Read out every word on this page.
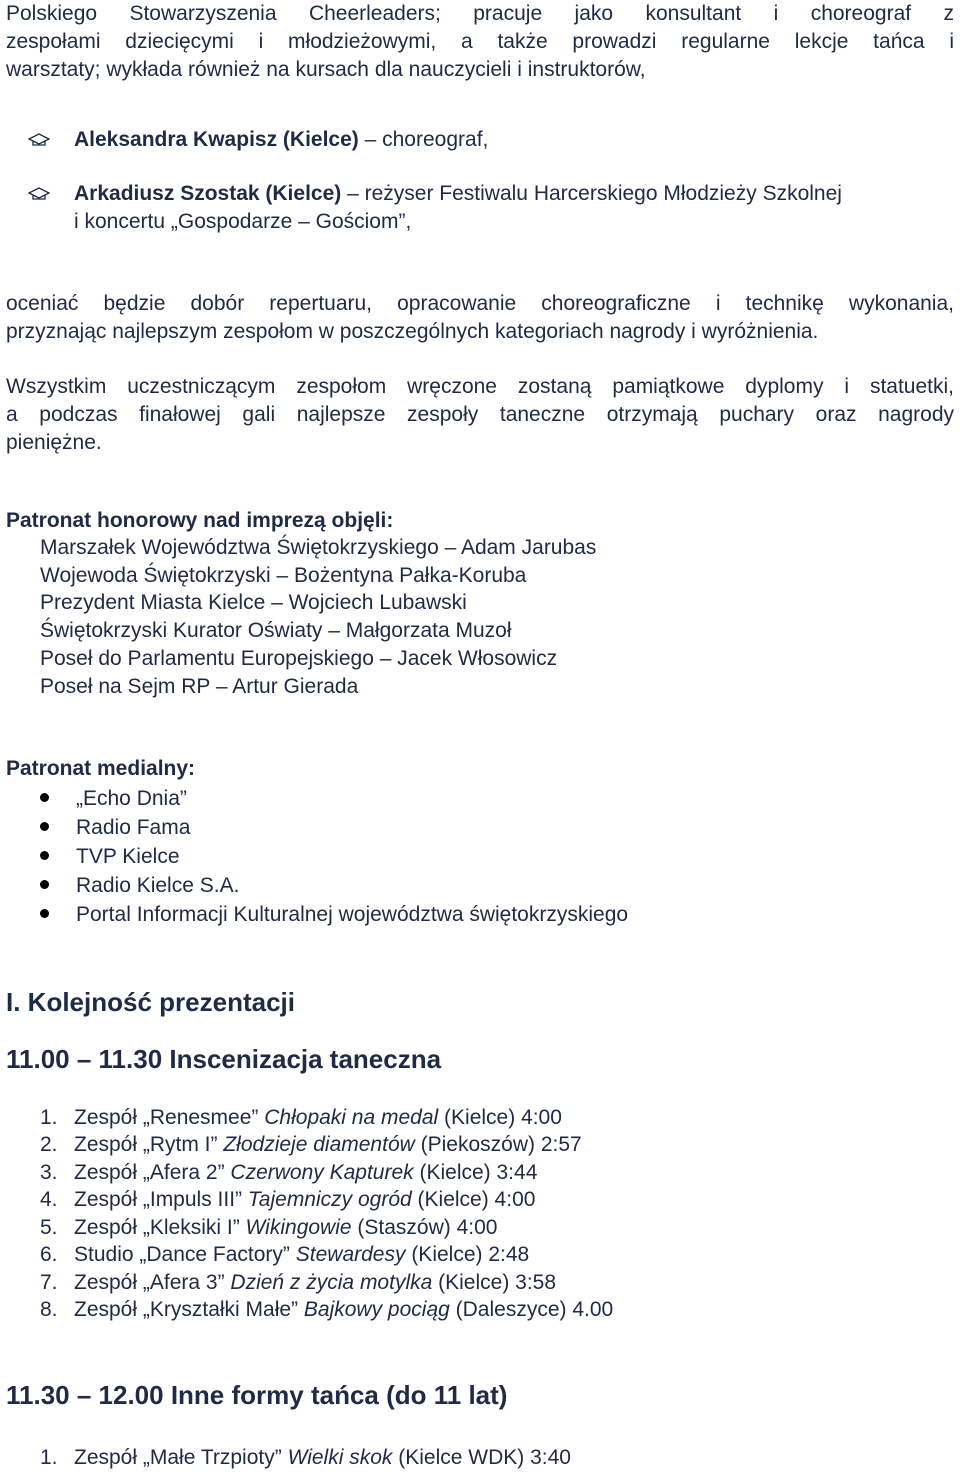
Polskiego Stowarzyszenia Cheerleaders; pracuje jako konsultant i choreograf z
zespołami dziecięcymi i młodzieżowymi, a także prowadzi regularne lekcje tańca i
warsztaty; wykłada również na kursach dla nauczycieli i instruktorów,
Aleksandra Kwapisz (Kielce) – choreograf,
Arkadiusz Szostak (Kielce) – reżyser Festiwalu Harcerskiego Młodzieży Szkolnej
i koncertu „Gospodarze – Gościom”,
oceniać będzie dobór repertuaru, opracowanie choreograficzne i technikę wykonania,
przyznając najlepszym zespołom w poszczególnych kategoriach nagrody i wyróżnienia.
Wszystkim uczestniczącym zespołom wręczone zostaną pamiątkowe dyplomy i statuetki,
a podczas finałowej gali najlepsze zespoły taneczne otrzymają puchary oraz nagrody
pieniężne.
Patronat honorowy nad imprezą objęli:
Marszałek Województwa Świętokrzyskiego – Adam Jarubas
Wojewoda Świętokrzyski – Bożentyna Pałka-Koruba
Prezydent Miasta Kielce – Wojciech Lubawski
Świętokrzyski Kurator Oświaty – Małgorzata Muzoł
Poseł do Parlamentu Europejskiego – Jacek Włosowicz
Poseł na Sejm RP – Artur Gierada
Patronat medialny:
„Echo Dnia”
Radio Fama
TVP Kielce
Radio Kielce S.A.
Portal Informacji Kulturalnej województwa świętokrzyskiego
I. Kolejność prezentacji
11.00 – 11.30 Inscenizacja taneczna
1. Zespół „Renesmee” Chłopaki na medal (Kielce) 4:00
2. Zespół „Rytm I” Złodzieje diamentów (Piekoszów) 2:57
3. Zespół „Afera 2” Czerwony Kapturek (Kielce) 3:44
4. Zespół „Impuls III” Tajemniczy ogród (Kielce) 4:00
5. Zespół „Kleksiki I” Wikingowie (Staszów) 4:00
6. Studio „Dance Factory” Stewardesy (Kielce) 2:48
7. Zespół „Afera 3” Dzień z życia motylka (Kielce) 3:58
8. Zespół „Kryształki Małe” Bajkowy pociąg (Daleszyce) 4.00
11.30 – 12.00 Inne formy tańca (do 11 lat)
1. Zespół „Małe Trzpioty” Wielki skok (Kielce WDK) 3:40
